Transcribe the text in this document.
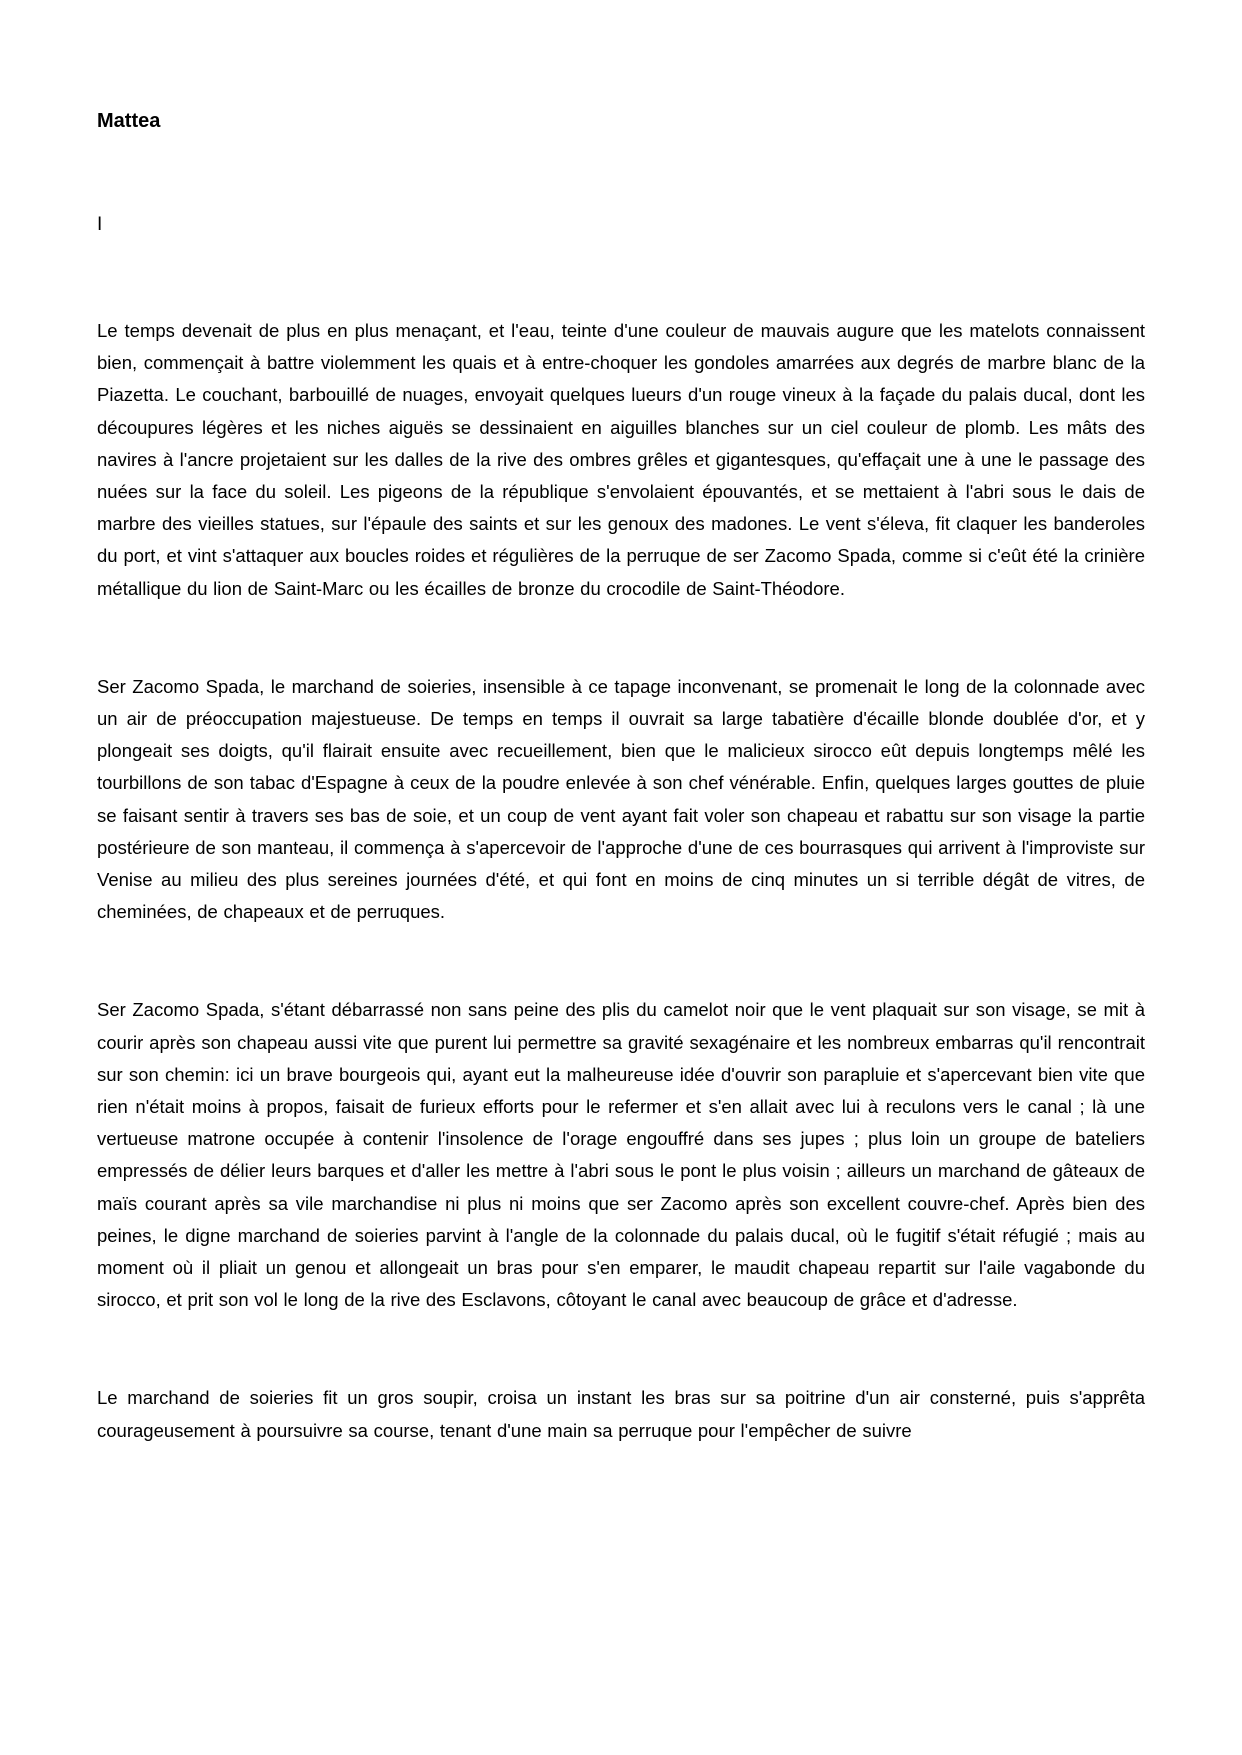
Mattea
I

Le temps devenait de plus en plus menaçant, et l'eau, teinte d'une couleur de mauvais augure que les matelots connaissent bien, commençait à battre violemment les quais et à entre-choquer les gondoles amarrées aux degrés de marbre blanc de la Piazetta. Le couchant, barbouillé de nuages, envoyait quelques lueurs d'un rouge vineux à la façade du palais ducal, dont les découpures légères et les niches aiguës se dessinaient en aiguilles blanches sur un ciel couleur de plomb. Les mâts des navires à l'ancre projetaient sur les dalles de la rive des ombres grêles et gigantesques, qu'effaçait une à une le passage des nuées sur la face du soleil. Les pigeons de la république s'envolaient épouvantés, et se mettaient à l'abri sous le dais de marbre des vieilles statues, sur l'épaule des saints et sur les genoux des madones. Le vent s'éleva, fit claquer les banderoles du port, et vint s'attaquer aux boucles roides et régulières de la perruque de ser Zacomo Spada, comme si c'eût été la crinière métallique du lion de Saint-Marc ou les écailles de bronze du crocodile de Saint-Théodore.

Ser Zacomo Spada, le marchand de soieries, insensible à ce tapage inconvenant, se promenait le long de la colonnade avec un air de préoccupation majestueuse. De temps en temps il ouvrait sa large tabatière d'écaille blonde doublée d'or, et y plongeait ses doigts, qu'il flairait ensuite avec recueillement, bien que le malicieux sirocco eût depuis longtemps mêlé les tourbillons de son tabac d'Espagne à ceux de la poudre enlevée à son chef vénérable. Enfin, quelques larges gouttes de pluie se faisant sentir à travers ses bas de soie, et un coup de vent ayant fait voler son chapeau et rabattu sur son visage la partie postérieure de son manteau, il commença à s'apercevoir de l'approche d'une de ces bourrasques qui arrivent à l'improviste sur Venise au milieu des plus sereines journées d'été, et qui font en moins de cinq minutes un si terrible dégât de vitres, de cheminées, de chapeaux et de perruques.

Ser Zacomo Spada, s'étant débarrassé non sans peine des plis du camelot noir que le vent plaquait sur son visage, se mit à courir après son chapeau aussi vite que purent lui permettre sa gravité sexagénaire et les nombreux embarras qu'il rencontrait sur son chemin: ici un brave bourgeois qui, ayant eut la malheureuse idée d'ouvrir son parapluie et s'apercevant bien vite que rien n'était moins à propos, faisait de furieux efforts pour le refermer et s'en allait avec lui à reculons vers le canal ; là une vertueuse matrone occupée à contenir l'insolence de l'orage engouffré dans ses jupes ; plus loin un groupe de bateliers empressés de délier leurs barques et d'aller les mettre à l'abri sous le pont le plus voisin ; ailleurs un marchand de gâteaux de maïs courant après sa vile marchandise ni plus ni moins que ser Zacomo après son excellent couvre-chef. Après bien des peines, le digne marchand de soieries parvint à l'angle de la colonnade du palais ducal, où le fugitif s'était réfugié ; mais au moment où il pliait un genou et allongeait un bras pour s'en emparer, le maudit chapeau repartit sur l'aile vagabonde du sirocco, et prit son vol le long de la rive des Esclavons, côtoyant le canal avec beaucoup de grâce et d'adresse.

Le marchand de soieries fit un gros soupir, croisa un instant les bras sur sa poitrine d'un air consterné, puis s'apprêta courageusement à poursuivre sa course, tenant d'une main sa perruque pour l'empêcher de suivre
